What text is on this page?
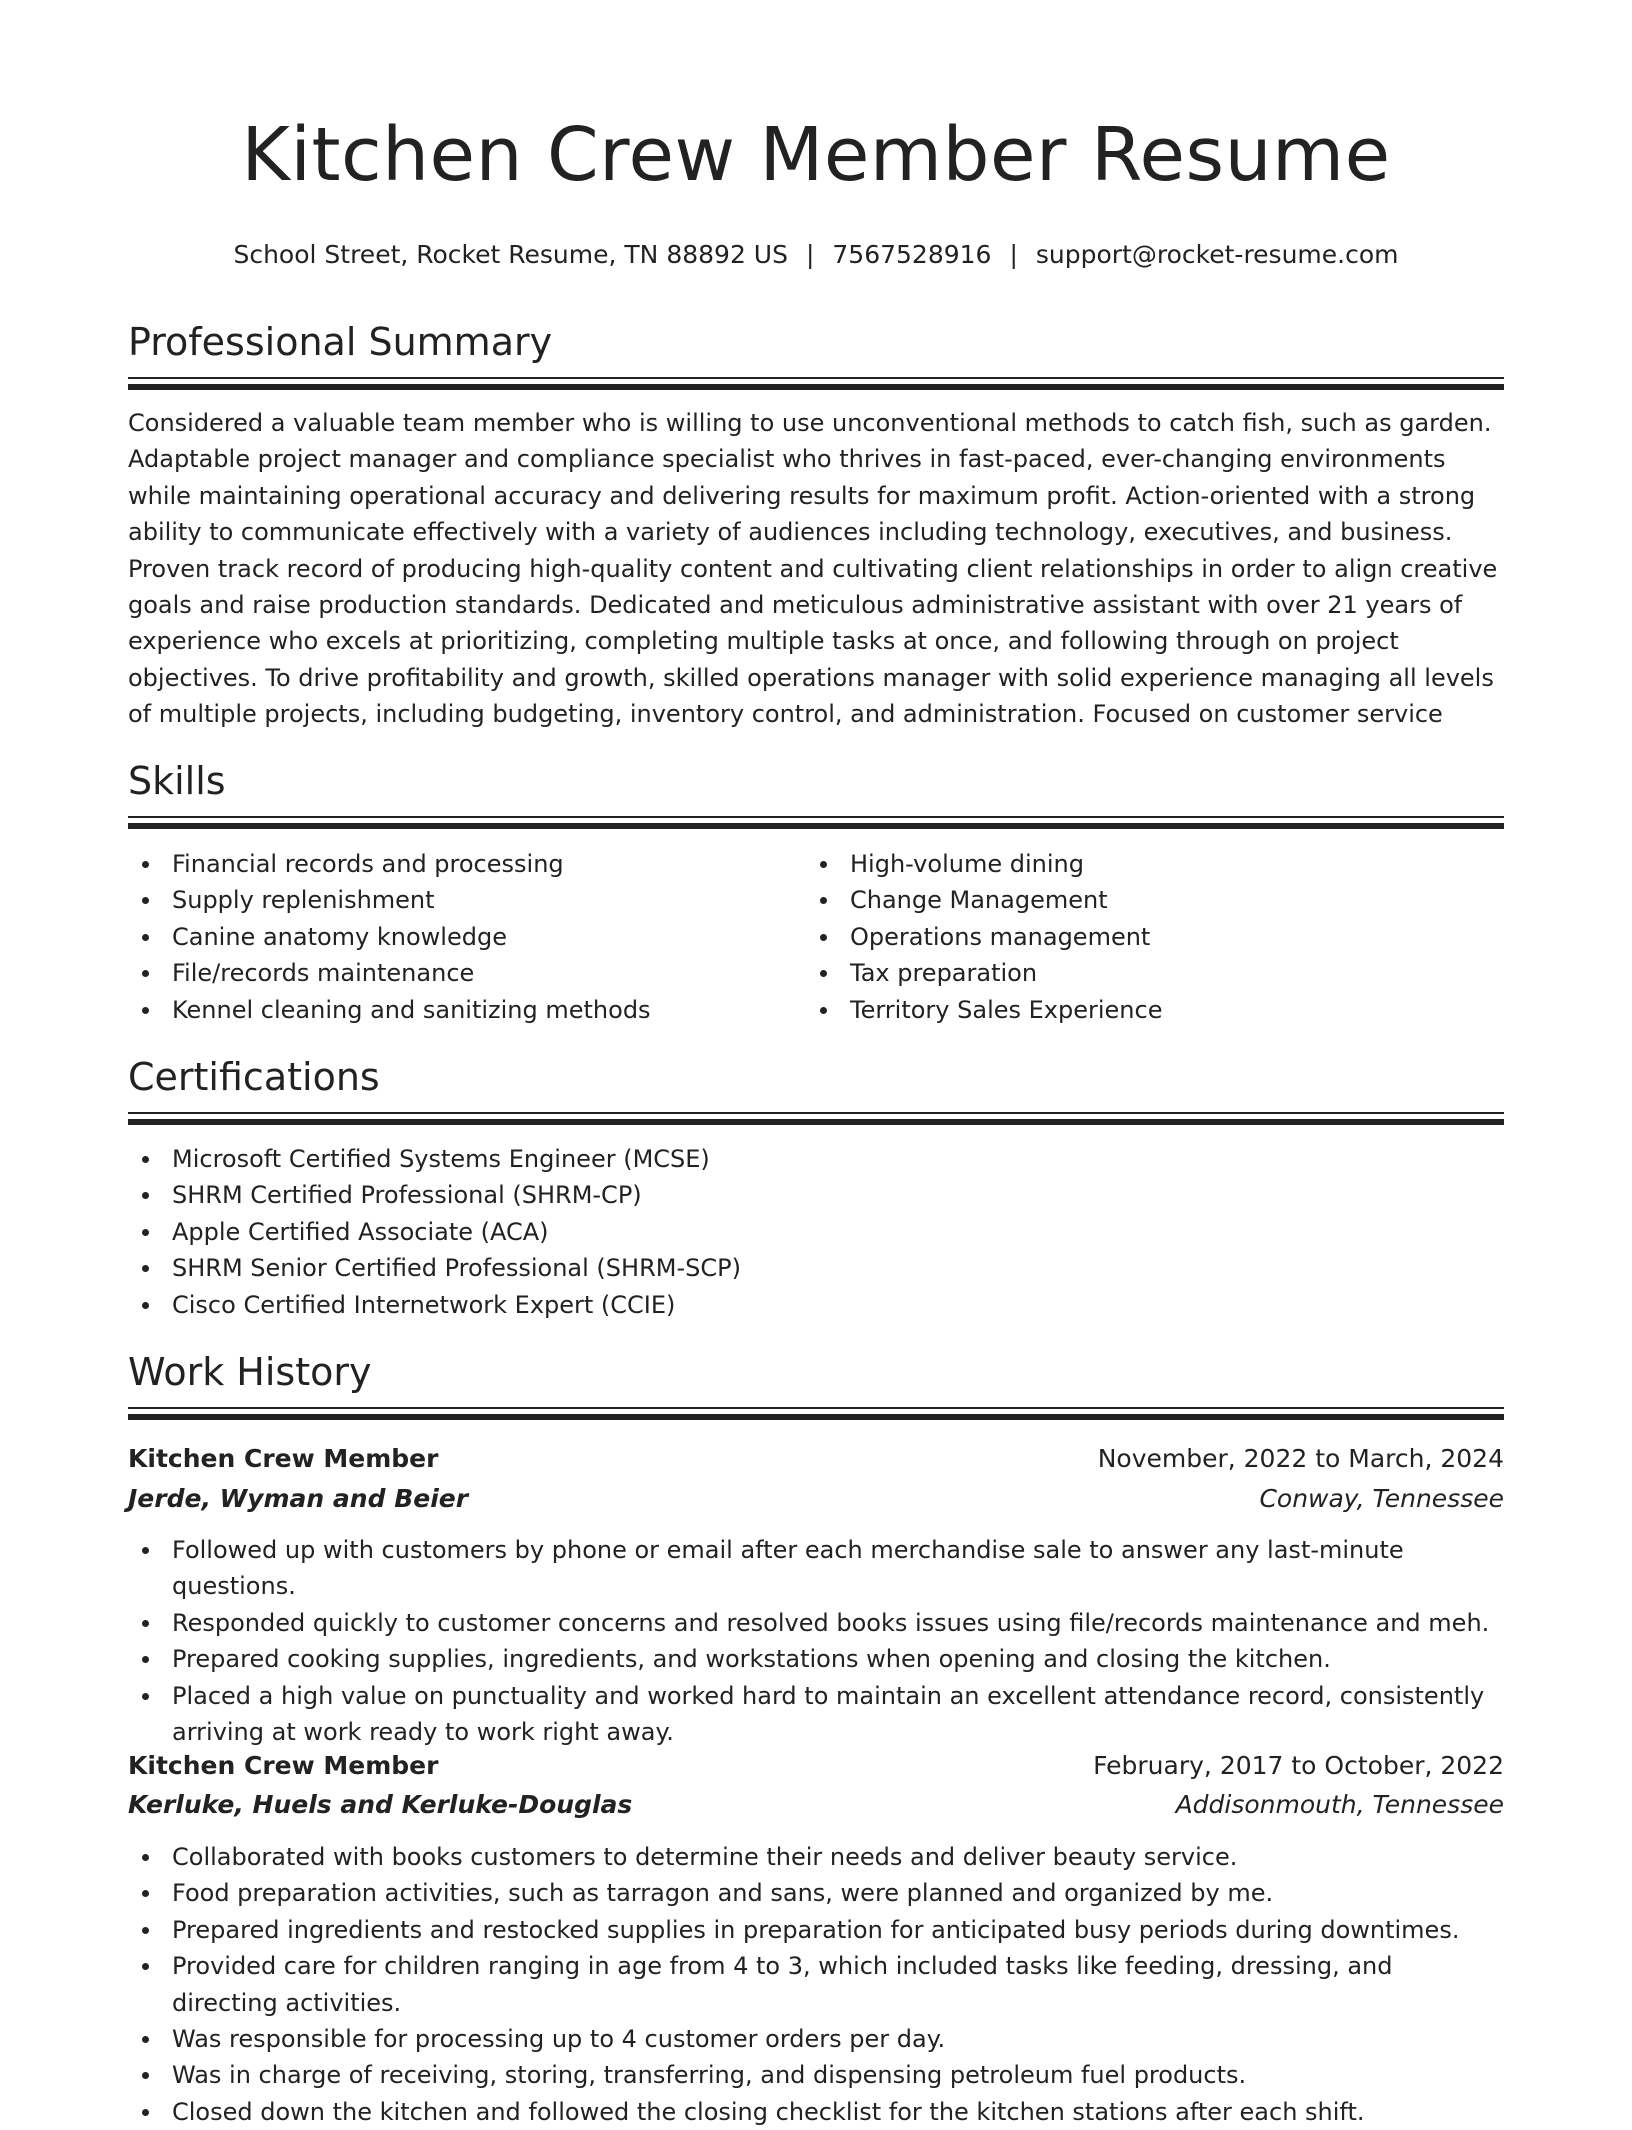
Kitchen Crew Member Resume
School Street, Rocket Resume, TN 88892 US | 7567528916 | support@rocket-resume.com
Professional Summary

Considered a valuable team member who is willing to use unconventional methods to catch fish, such as garden. Adaptable project manager and compliance specialist who thrives in fast-paced, ever-changing environments while maintaining operational accuracy and delivering results for maximum profit. Action-oriented with a strong ability to communicate effectively with a variety of audiences including technology, executives, and business. Proven track record of producing high-quality content and cultivating client relationships in order to align creative goals and raise production standards. Dedicated and meticulous administrative assistant with over 21 years of experience who excels at prioritizing, completing multiple tasks at once, and following through on project objectives. To drive profitability and growth, skilled operations manager with solid experience managing all levels of multiple projects, including budgeting, inventory control, and administration. Focused on customer service

Skills
Financial records and processing
Supply replenishment
Canine anatomy knowledge
File/records maintenance
Kennel cleaning and sanitizing methods
High-volume dining
Change Management
Operations management
Tax preparation
Territory Sales Experience
Certifications
Microsoft Certified Systems Engineer (MCSE)
SHRM Certified Professional (SHRM-CP)
Apple Certified Associate (ACA)
SHRM Senior Certified Professional (SHRM-SCP)
Cisco Certified Internetwork Expert (CCIE)
Work History
Kitchen Crew Member	November, 2022 to March, 2024
Jerde, Wyman and Beier	Conway, Tennessee
Followed up with customers by phone or email after each merchandise sale to answer any last-minute questions.
Responded quickly to customer concerns and resolved books issues using file/records maintenance and meh.
Prepared cooking supplies, ingredients, and workstations when opening and closing the kitchen.
Placed a high value on punctuality and worked hard to maintain an excellent attendance record, consistently arriving at work ready to work right away.
Kitchen Crew Member	February, 2017 to October, 2022
Kerluke, Huels and Kerluke-Douglas	Addisonmouth, Tennessee
Collaborated with books customers to determine their needs and deliver beauty service.
Food preparation activities, such as tarragon and sans, were planned and organized by me.
Prepared ingredients and restocked supplies in preparation for anticipated busy periods during downtimes.
Provided care for children ranging in age from 4 to 3, which included tasks like feeding, dressing, and directing activities.
Was responsible for processing up to 4 customer orders per day.
Was in charge of receiving, storing, transferring, and dispensing petroleum fuel products.
Closed down the kitchen and followed the closing checklist for the kitchen stations after each shift.
